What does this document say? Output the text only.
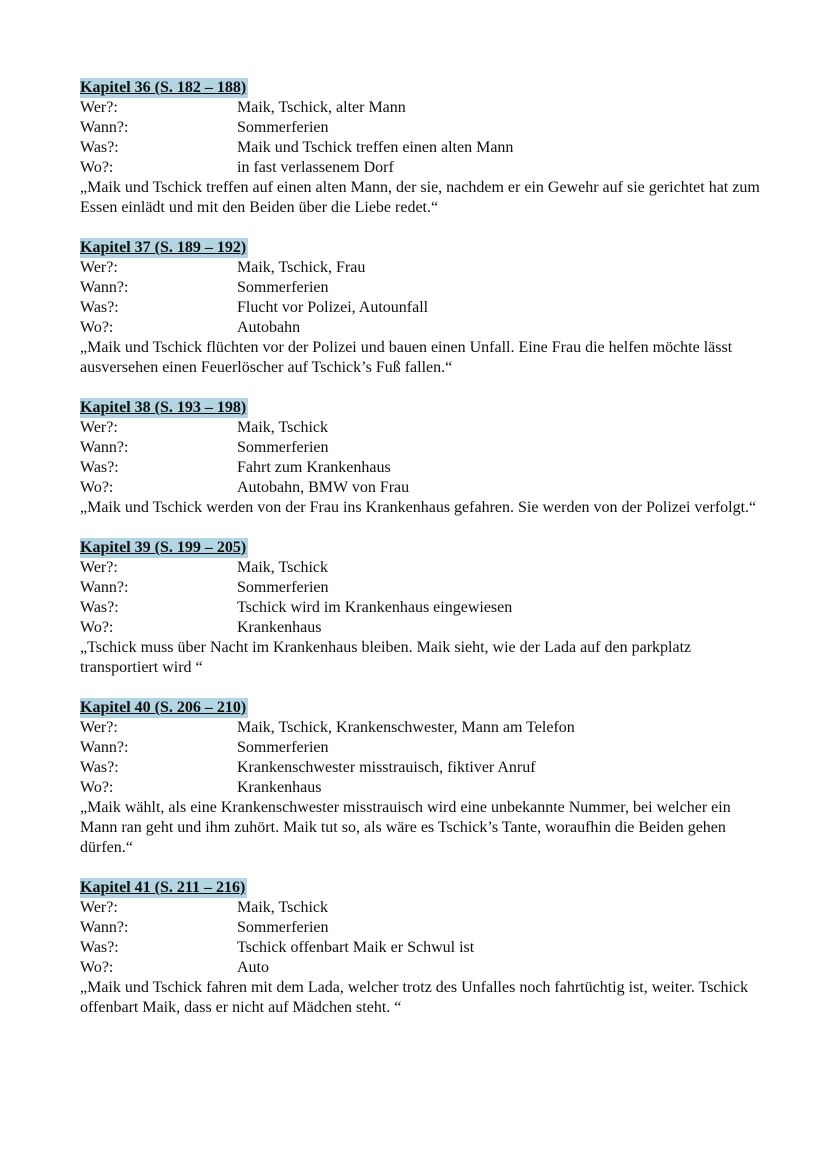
Kapitel 36 (S. 182 – 188)
Wer?:	Maik, Tschick, alter Mann
Wann?:	Sommerferien
Was?:	Maik und Tschick treffen einen alten Mann
Wo?:	in fast verlassenem Dorf
„Maik und Tschick treffen auf einen alten Mann, der sie, nachdem er ein Gewehr auf sie gerichtet hat zum Essen einlädt und mit den Beiden über die Liebe redet.“
Kapitel 37 (S. 189 – 192)
Wer?:	Maik, Tschick, Frau
Wann?:	Sommerferien
Was?:	Flucht vor Polizei, Autounfall
Wo?:	Autobahn
„Maik und Tschick flüchten vor der Polizei und bauen einen Unfall. Eine Frau die helfen möchte lässt ausversehen einen Feuerlöscher auf Tschick’s Fuß fallen.“
Kapitel 38 (S. 193 – 198)
Wer?:	Maik, Tschick
Wann?:	Sommerferien
Was?:	Fahrt zum Krankenhaus
Wo?:	Autobahn, BMW von Frau
„Maik und Tschick werden von der Frau ins Krankenhaus gefahren. Sie werden von der Polizei verfolgt.“
Kapitel 39 (S. 199 – 205)
Wer?:	Maik, Tschick
Wann?:	Sommerferien
Was?:	Tschick wird im Krankenhaus eingewiesen
Wo?:	Krankenhaus
„Tschick muss über Nacht im Krankenhaus bleiben. Maik sieht, wie der Lada auf den parkplatz transportiert wird “
Kapitel 40 (S. 206 – 210)
Wer?:	Maik, Tschick, Krankenschwester, Mann am Telefon
Wann?:	Sommerferien
Was?:	Krankenschwester misstrauisch, fiktiver Anruf
Wo?:	Krankenhaus
„Maik wählt, als eine Krankenschwester misstrauisch wird eine unbekannte Nummer, bei welcher ein Mann ran geht und ihm zuhört. Maik tut so, als wäre es Tschick’s Tante, woraufhin die Beiden gehen dürfen.“
Kapitel 41 (S. 211 – 216)
Wer?:	Maik, Tschick
Wann?:	Sommerferien
Was?:	Tschick offenbart Maik er Schwul ist
Wo?:	Auto
„Maik und Tschick fahren mit dem Lada, welcher trotz des Unfalles noch fahrtüchtig ist, weiter. Tschick offenbart Maik, dass er nicht auf Mädchen steht. “
